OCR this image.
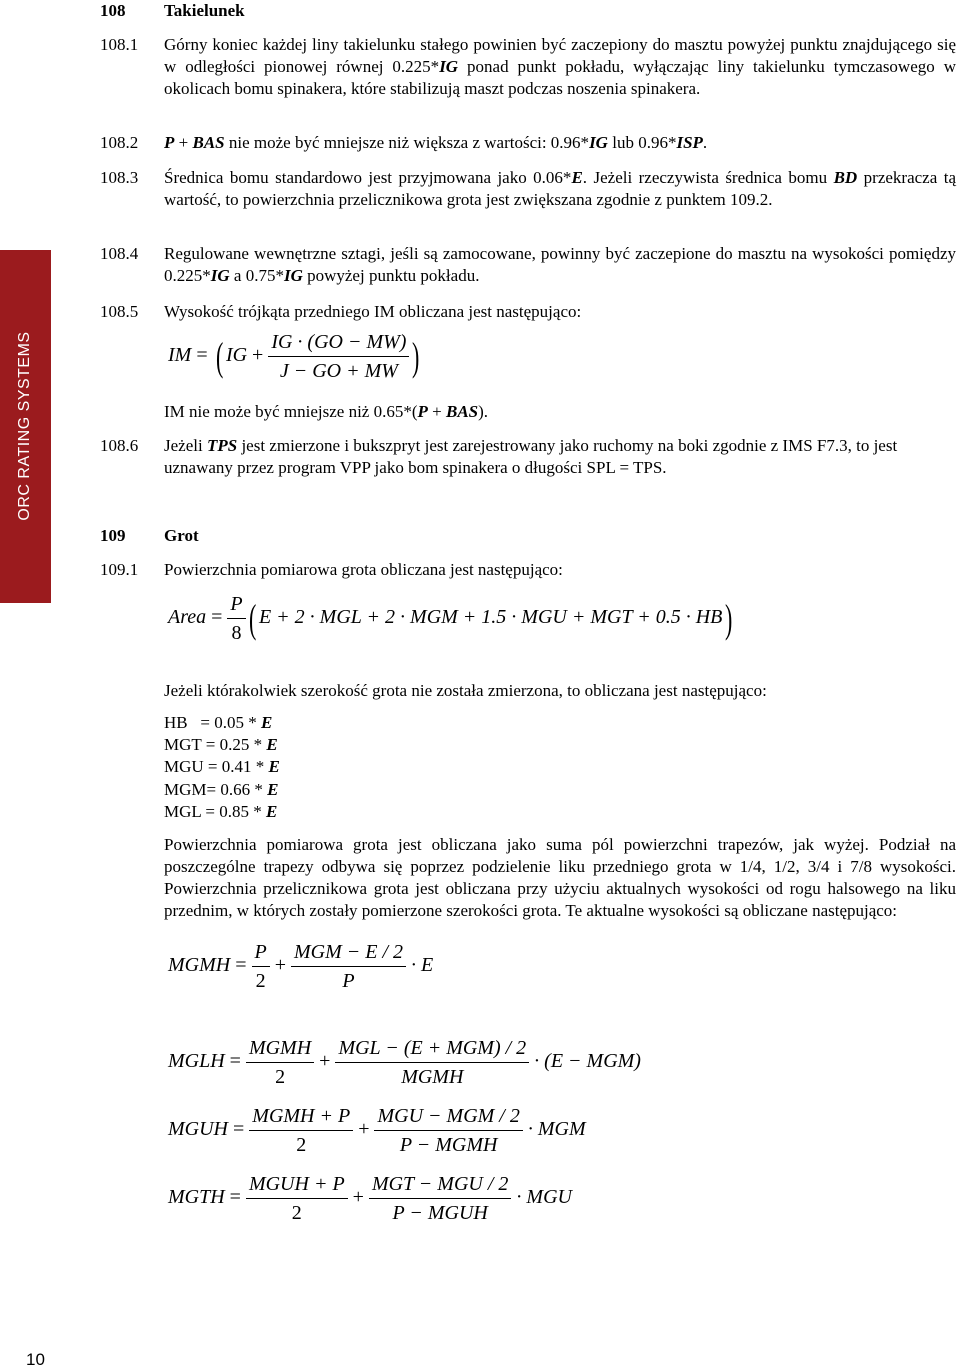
ORC RATING SYSTEMS
108 Takielunek
108.1 Górny koniec każdej liny takielunku stałego powinien być zaczepiony do masztu powyżej punktu znajdującego się w odległości pionowej równej 0.225*IG ponad punkt pokładu, wyłączając liny takielunku tymczasowego w okolicach bomu spinakera, które stabilizują maszt podczas noszenia spinakera.
108.2 P + BAS nie może być mniejsze niż większa z wartości: 0.96*IG lub 0.96*ISP.
108.3 Średnica bomu standardowo jest przyjmowana jako 0.06*E. Jeżeli rzeczywista średnica bomu BD przekracza tą wartość, to powierzchnia przelicznikowa grota jest zwiększana zgodnie z punktem 109.2.
108.4 Regulowane wewnętrzne sztagi, jeśli są zamocowane, powinny być zaczepione do masztu na wysokości pomiędzy 0.225*IG a 0.75*IG powyżej punktu pokładu.
108.5 Wysokość trójkąta przedniego IM obliczana jest następująco:
IM = ( IG + $\frac{IG \cdot (GO - MW)}{J - GO + MW}$ )
IM nie może być mniejsze niż 0.65*(P + BAS).
108.6 Jeżeli TPS jest zmierzone i bukszpryt jest zarejestrowany jako ruchomy na boki zgodnie z IMS F7.3, to jest uznawany przez program VPP jako bom spinakera o długości SPL = TPS.
109 Grot
109.1 Powierzchnia pomiarowa grota obliczana jest następująco:
Area = $\frac{P}{8}$ ( E + 2 · MGL + 2 · MGM + 1.5 · MGU + MGT + 0.5 · HB)
Jeżeli którakolwiek szerokość grota nie została zmierzona, to obliczana jest następująco:
HB   = 0.05 * E
MGT = 0.25 * E
MGU = 0.41 * E
MGM= 0.66 * E
MGL = 0.85 * E
Powierzchnia pomiarowa grota jest obliczana jako suma pól powierzchni trapezów, jak wyżej. Podział na poszczególne trapezy odbywa się poprzez podzielenie liku przedniego grota w 1/4, 1/2, 3/4 i 7/8 wysokości. Powierzchnia przelicznikowa grota jest obliczana przy użyciu aktualnych wysokości od rogu halsowego na liku przednim, w których zostały pomierzone szerokości grota. Te aktualne wysokości są obliczane następująco:
MGMH = $\frac{P}{2} + \frac{\text{MGM − E / 2}}{P} \cdot E$
MGLH = $\frac{\text{MGMH}}{2} + \frac{\text{MGL − (E + MGM) / 2}}{\text{MGMH}} \cdot (E - MGM)$
MGUH = $\frac{\text{MGMH + P}}{2} + \frac{\text{MGU − MGM / 2}}{\text{P − MGMH}}$ · MGM
MGTH = $\frac{\text{MGUH + P}}{2} + \frac{\text{MGT − MGU / 2}}{\text{P − MGUH}}$ · MGU
10
